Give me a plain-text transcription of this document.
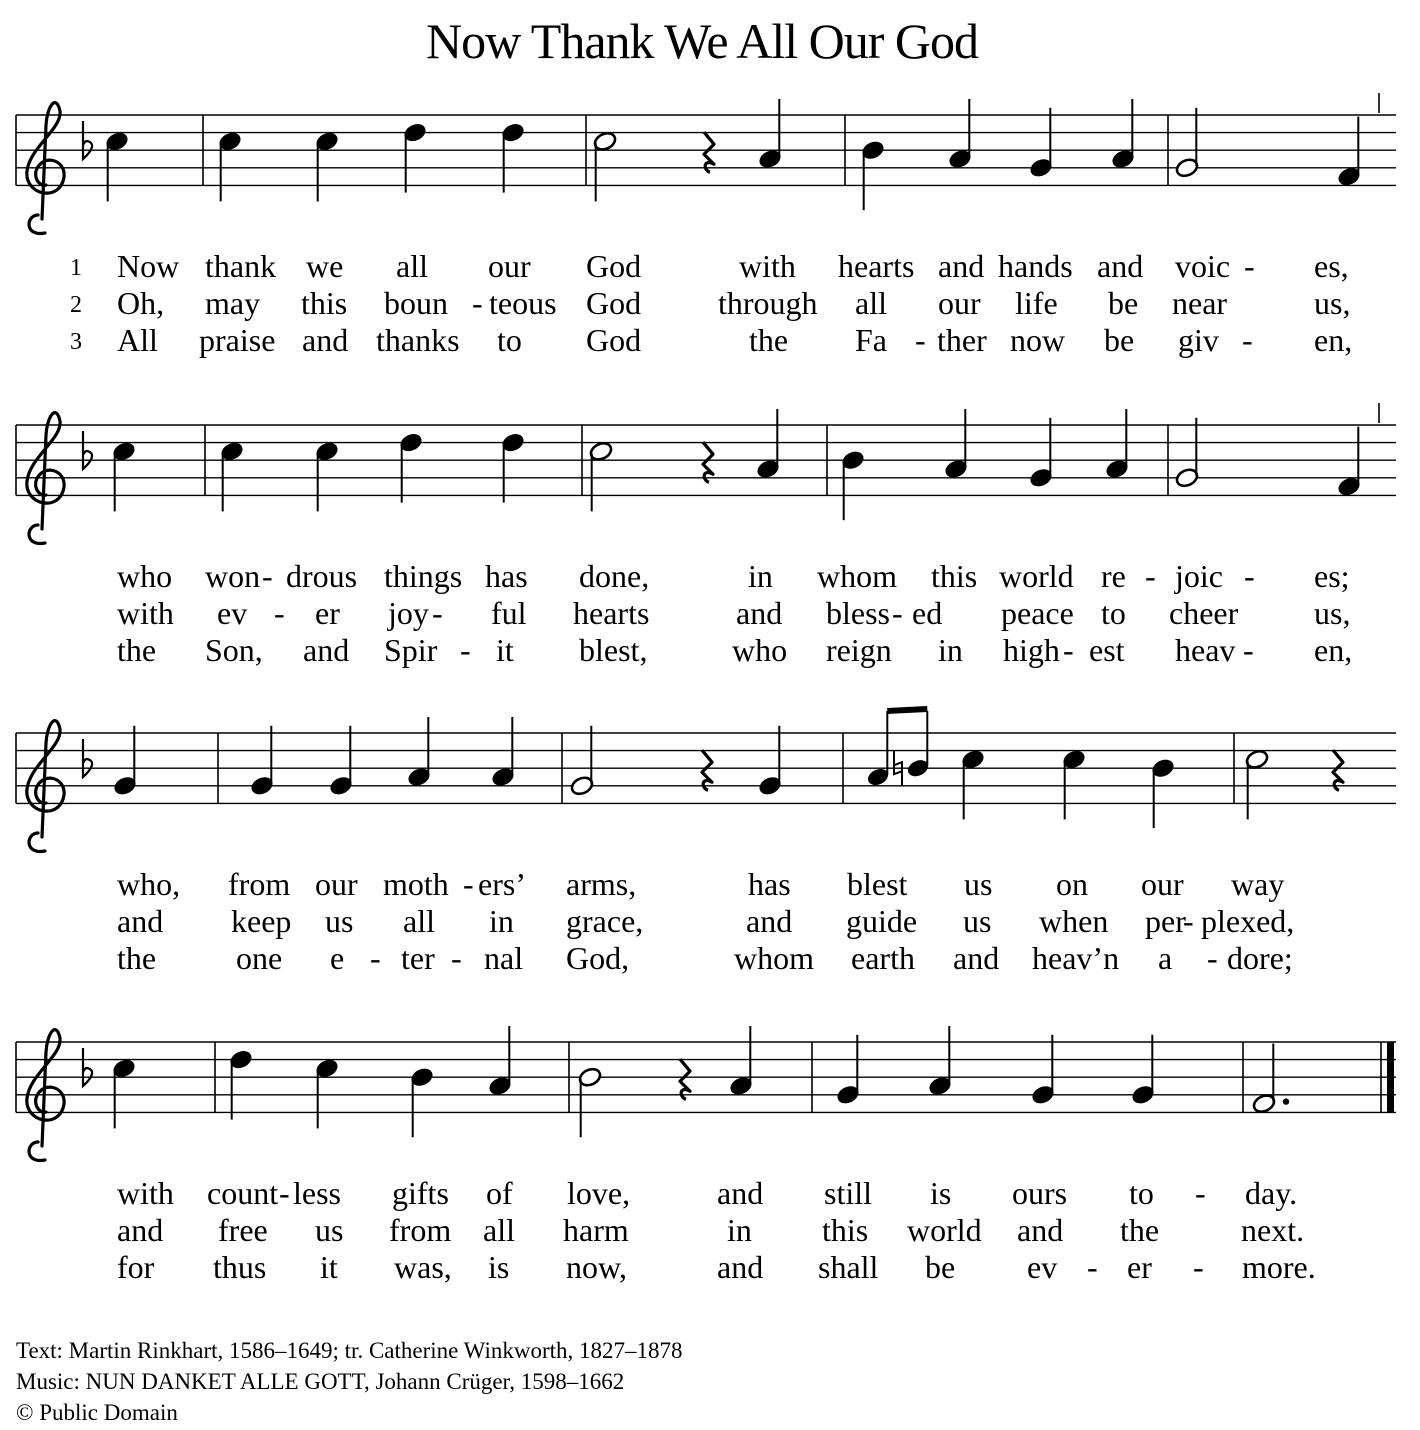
Now Thank We All Our God
1 Now thank we all our God	with hearts and hands and voic - es,
2 Oh, may this boun - teous God through all our life be near	us,
3 All praise and thanks to God	the Fa - ther now be giv - en,
who won - drous things has done,	in whom this world re - joic - es;
with ev - er joy - ful hearts	and bless - ed peace to cheer us,
the Son, and Spir - it blest,	who reign in high - est heav - en,
who, from our moth - ers’ arms,	has blest us on our way
and keep us all in grace,	and guide us when per
- plexed,
the one e - ter - nal God,	whom earth and heav’n a - dore;
with count - less gifts of love,	and still is ours to - day.
and free us from all harm	in this world and the	next.
for thus it was, is now,	and shall be ev - er - more.
Text: Martin Rinkhart, 1586–1649; tr. Catherine Winkworth, 1827–1878
Music: NUN DANKET ALLE GOTT, Johann Crüger, 1598–1662
© Public Domain
